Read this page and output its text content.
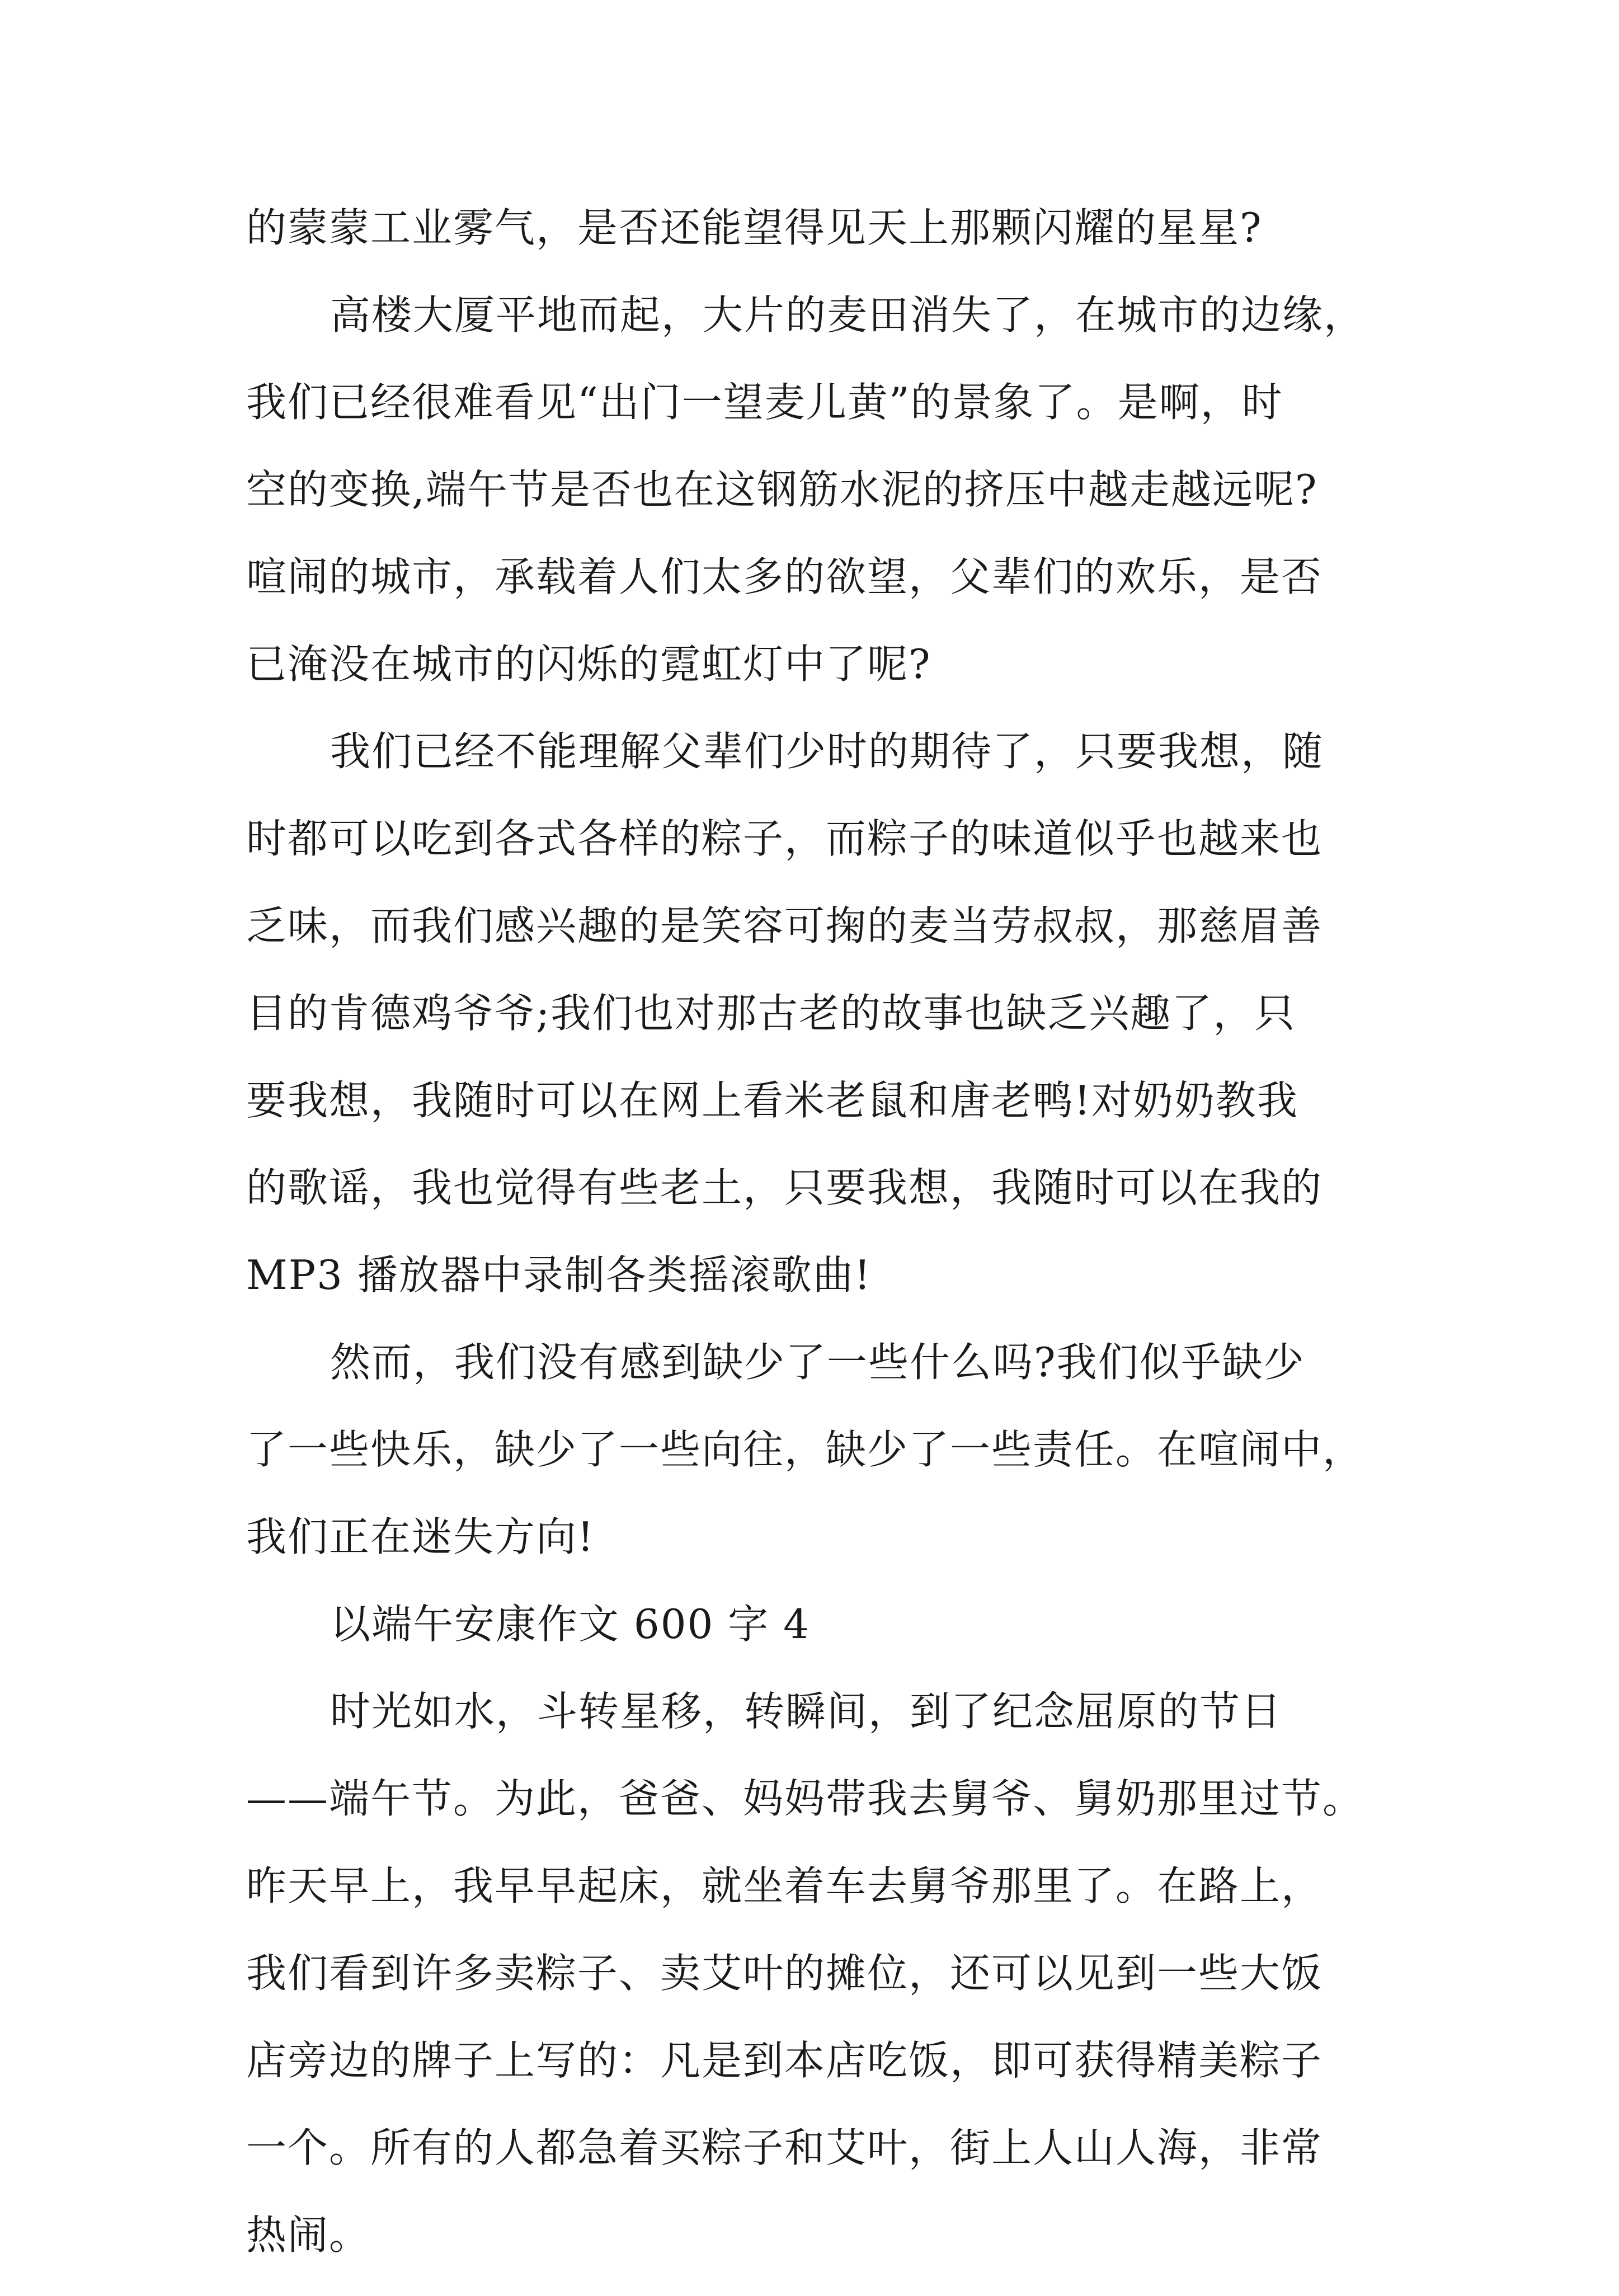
的蒙蒙工业雾气，是否还能望得见天上那颗闪耀的星星?
高楼大厦平地而起，大片的麦田消失了，在城市的边缘，
我们已经很难看见“出门一望麦儿黄”的景象了。是啊，时
空的变换,端午节是否也在这钢筋水泥的挤压中越走越远呢?
喧闹的城市，承载着人们太多的欲望，父辈们的欢乐，是否
已淹没在城市的闪烁的霓虹灯中了呢?
我们已经不能理解父辈们少时的期待了，只要我想，随
时都可以吃到各式各样的粽子，而粽子的味道似乎也越来也
乏味，而我们感兴趣的是笑容可掬的麦当劳叔叔，那慈眉善
目的肯德鸡爷爷;我们也对那古老的故事也缺乏兴趣了，只
要我想，我随时可以在网上看米老鼠和唐老鸭!对奶奶教我
的歌谣，我也觉得有些老土，只要我想，我随时可以在我的
MP3 播放器中录制各类摇滚歌曲!
然而，我们没有感到缺少了一些什么吗?我们似乎缺少
了一些快乐，缺少了一些向往，缺少了一些责任。在喧闹中，
我们正在迷失方向!
以端午安康作文 600 字 4
时光如水，斗转星移，转瞬间，到了纪念屈原的节日
——端午节。为此，爸爸、妈妈带我去舅爷、舅奶那里过节。
昨天早上，我早早起床，就坐着车去舅爷那里了。在路上，
我们看到许多卖粽子、卖艾叶的摊位，还可以见到一些大饭
店旁边的牌子上写的：凡是到本店吃饭，即可获得精美粽子
一个。所有的人都急着买粽子和艾叶，街上人山人海，非常
热闹。
